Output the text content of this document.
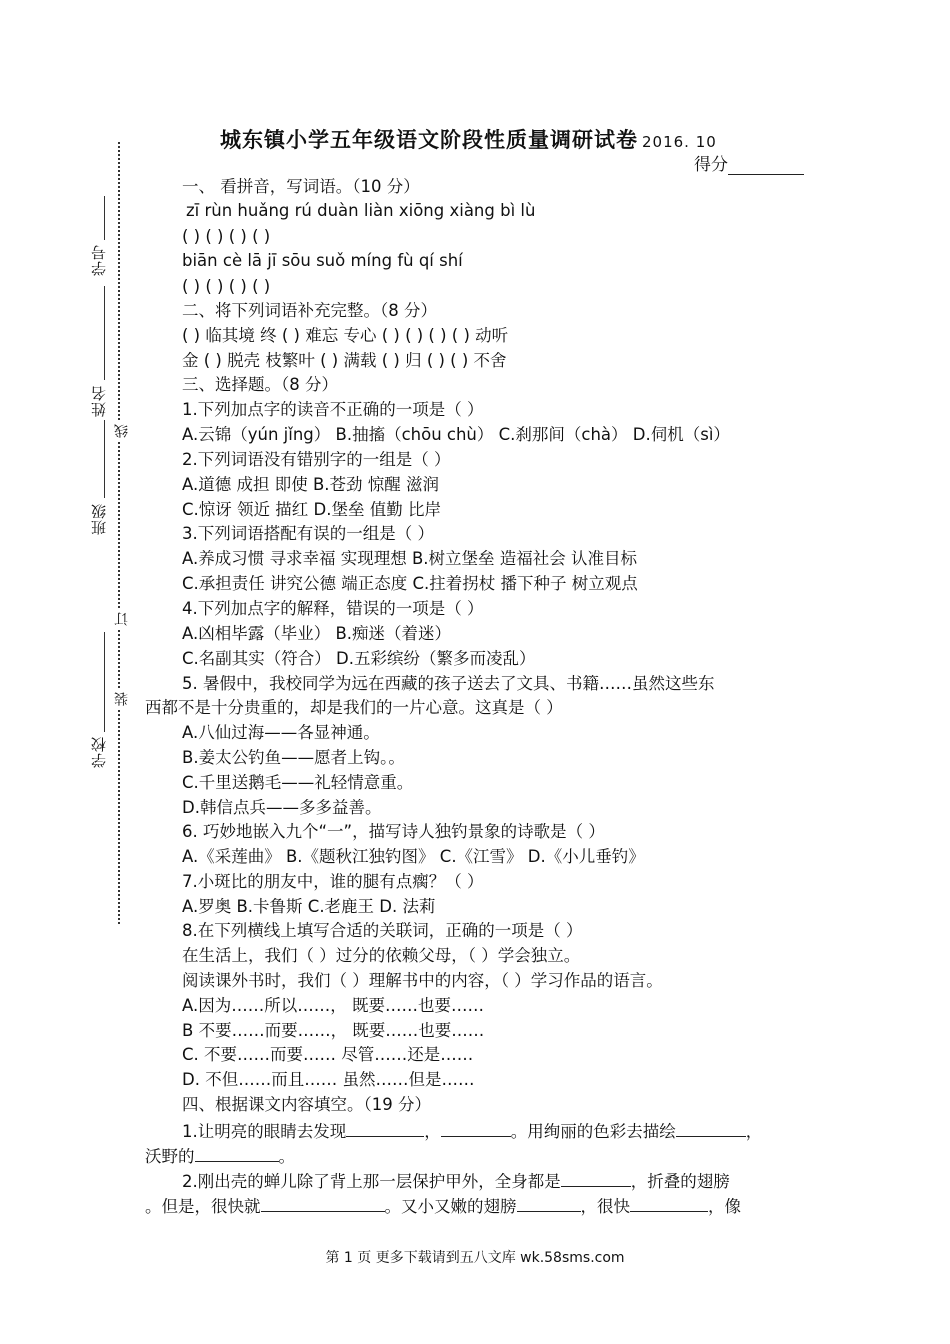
学号
姓名
班级
学校
线
订
装
城东镇小学五年级语文阶段性质量调研试卷 2016. 10
得分
一、 看拼音，写词语。（10 分）
zī rùn huǎng rú duàn liàn xiōng xiàng bì lù
( ) ( ) ( ) ( )
biān cè lā jī sōu suǒ míng fù qí shí
( ) ( ) ( ) ( )
二、将下列词语补充完整。（8 分）
( ) 临其境 终 ( ) 难忘 专心 ( ) ( ) ( ) ( ) 动听
金 ( ) 脱壳 枝繁叶 ( ) 满载 ( ) 归 ( ) ( ) 不舍
三、选择题。（8 分）
1.下列加点字的读音不正确的一项是（ ）
A.云锦（yún jǐng） B.抽搐（chōu chù） C.刹那间（chà） D.伺机（sì）
2.下列词语没有错别字的一组是（ ）
A.道德 成担 即使 B.苍劲 惊醒 滋润
C.惊讶 领近 描红 D.堡垒 值勤 比岸
3.下列词语搭配有误的一组是（ ）
A.养成习惯 寻求幸福 实现理想 B.树立堡垒 造福社会 认准目标
C.承担责任 讲究公德 端正态度 C.拄着拐杖 播下种子 树立观点
4.下列加点字的解释，错误的一项是（ ）
A.凶相毕露（毕业） B.痴迷（着迷）
C.名副其实（符合） D.五彩缤纷（繁多而凌乱）
5. 暑假中，我校同学为远在西藏的孩子送去了文具、书籍……虽然这些东
西都不是十分贵重的，却是我们的一片心意。这真是（ ）
A.八仙过海——各显神通。
B.姜太公钓鱼——愿者上钩。。
C.千里送鹅毛——礼轻情意重。
D.韩信点兵——多多益善。
6. 巧妙地嵌入九个“一”，描写诗人独钓景象的诗歌是（ ）
A.《采莲曲》 B.《题秋江独钓图》 C.《江雪》 D.《小儿垂钓》
7.小斑比的朋友中，谁的腿有点瘸？（ ）
A.罗奥 B.卡鲁斯 C.老鹿王 D. 法莉
8.在下列横线上填写合适的关联词，正确的一项是（ ）
在生活上，我们（ ）过分的依赖父母，（ ）学会独立。
阅读课外书时，我们（ ）理解书中的内容，（ ）学习作品的语言。
A.因为……所以……， 既要……也要……
B 不要……而要……， 既要……也要……
C. 不要……而要…… 尽管……还是……
D. 不但……而且…… 虽然……但是……
四、根据课文内容填空。（19 分）
1.让明亮的眼睛去发现	，	。用绚丽的色彩去描绘	，
沃野的	。
2.刚出壳的蝉儿除了背上那一层保护甲外，全身都是	，折叠的翅膀
。但是，很快就	。又小又嫩的翅膀	，很快	，像
第 1 页 更多下载请到五八文库 wk.58sms.com
